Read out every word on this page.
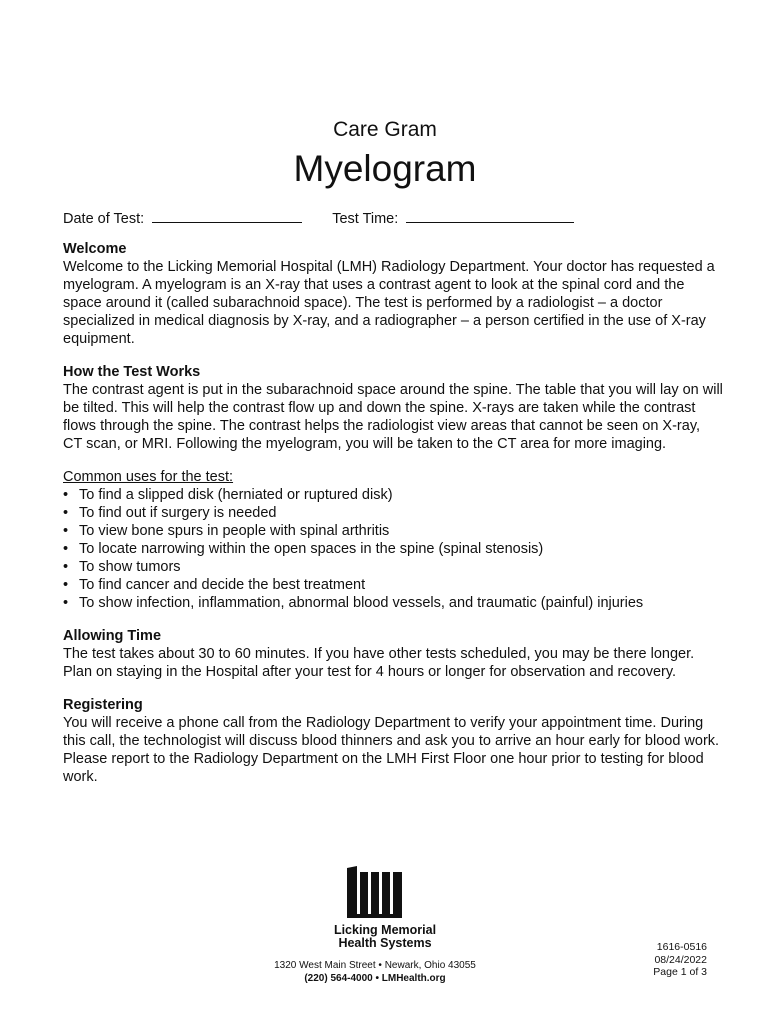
Care Gram
Myelogram
Date of Test:	Test Time:
Welcome

Welcome to the Licking Memorial Hospital (LMH) Radiology Department. Your doctor has requested a myelogram. A myelogram is an X-ray that uses a contrast agent to look at the spinal cord and the space around it (called subarachnoid space). The test is performed by a radiologist – a doctor specialized in medical diagnosis by X-ray, and a radiographer – a person certified in the use of X-ray equipment.

How the Test Works

The contrast agent is put in the subarachnoid space around the spine. The table that you will lay on will be tilted. This will help the contrast flow up and down the spine. X-rays are taken while the contrast flows through the spine. The contrast helps the radiologist view areas that cannot be seen on X-ray, CT scan, or MRI. Following the myelogram, you will be taken to the CT area for more imaging.

Common uses for the test:
• To find a slipped disk (herniated or ruptured disk)
• To find out if surgery is needed
• To view bone spurs in people with spinal arthritis
• To locate narrowing within the open spaces in the spine (spinal stenosis)
• To show tumors
• To find cancer and decide the best treatment
• To show infection, inflammation, abnormal blood vessels, and traumatic (painful) injuries
Allowing Time

The test takes about 30 to 60 minutes. If you have other tests scheduled, you may be there longer. Plan on staying in the Hospital after your test for 4 hours or longer for observation and recovery.

Registering

You will receive a phone call from the Radiology Department to verify your appointment time. During this call, the technologist will discuss blood thinners and ask you to arrive an hour early for blood work. Please report to the Radiology Department on the LMH First Floor one hour prior to testing for blood work.

Licking Memorial
Health Systems
1320 West Main Street • Newark, Ohio 43055
(220) 564-4000 • LMHealth.org
1616-0516
08/24/2022
Page 1 of 3
